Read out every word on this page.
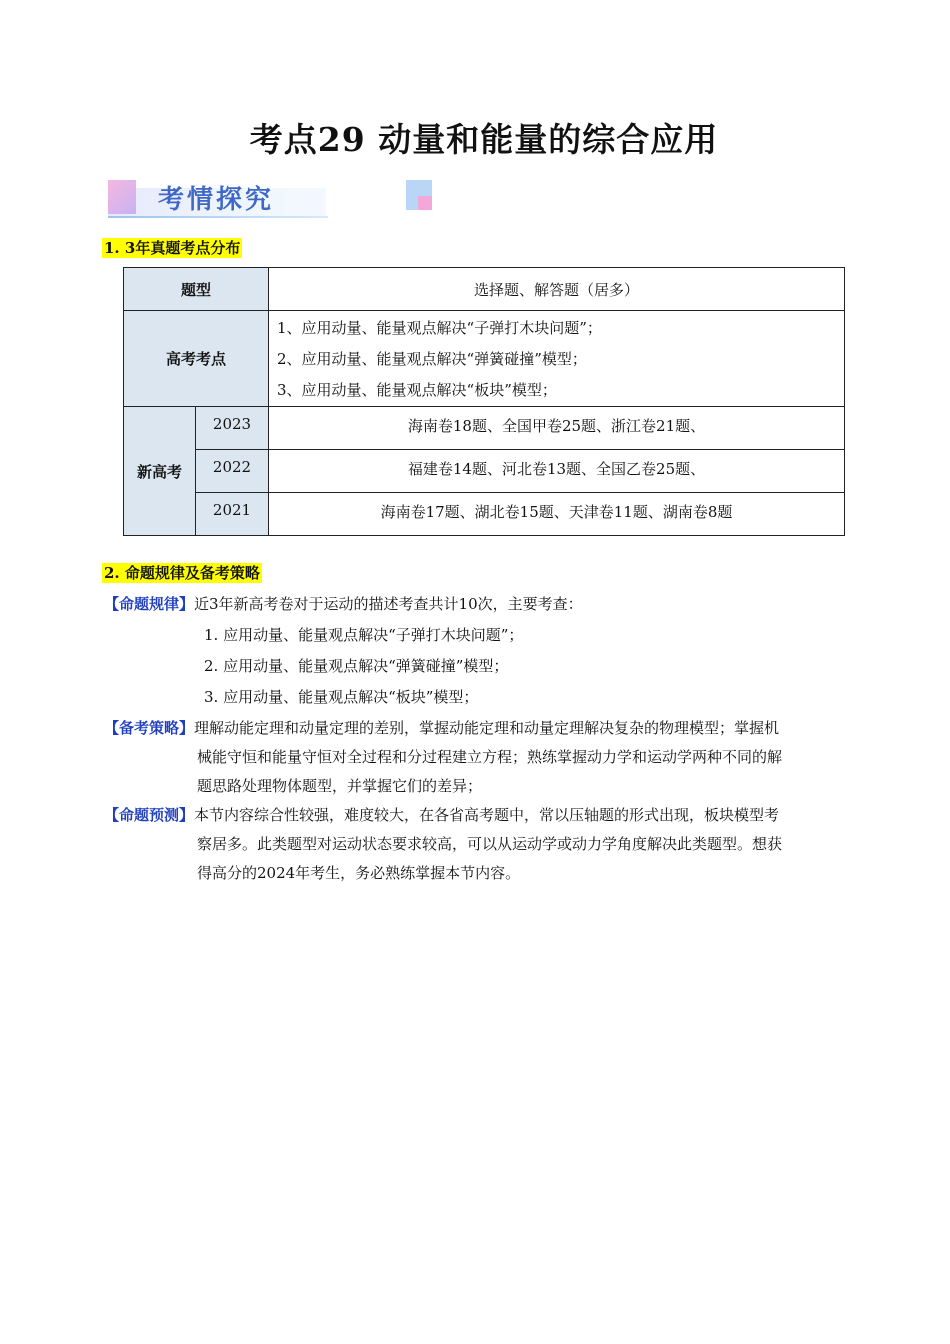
考点29 动量和能量的综合应用
考情探究
1. 3年真题考点分布
题型		选择题、解答题（居多）
高考考点		1、应用动量、能量观点解决“子弹打木块问题”；
2、应用动量、能量观点解决“弹簧碰撞”模型；
3、应用动量、能量观点解决“板块”模型；

新高考	2023	海南卷18题、全国甲卷25题、浙江卷21题、
	2022	福建卷14题、河北卷13题、全国乙卷25题、
	2021	海南卷17题、湖北卷15题、天津卷11题、湖南卷8题
2. 命题规律及备考策略
【命题规律】近3年新高考卷对于运动的描述考查共计10次，主要考查：
1. 应用动量、能量观点解决“子弹打木块问题”；
2. 应用动量、能量观点解决“弹簧碰撞”模型；
3. 应用动量、能量观点解决“板块”模型；
【备考策略】理解动能定理和动量定理的差别，掌握动能定理和动量定理解决复杂的物理模型；掌握机
械能守恒和能量守恒对全过程和分过程建立方程；熟练掌握动力学和运动学两种不同的解
题思路处理物体题型，并掌握它们的差异；
【命题预测】本节内容综合性较强，难度较大，在各省高考题中，常以压轴题的形式出现，板块模型考
察居多。此类题型对运动状态要求较高，可以从运动学或动力学角度解决此类题型。想获
得高分的2024年考生，务必熟练掌握本节内容。
